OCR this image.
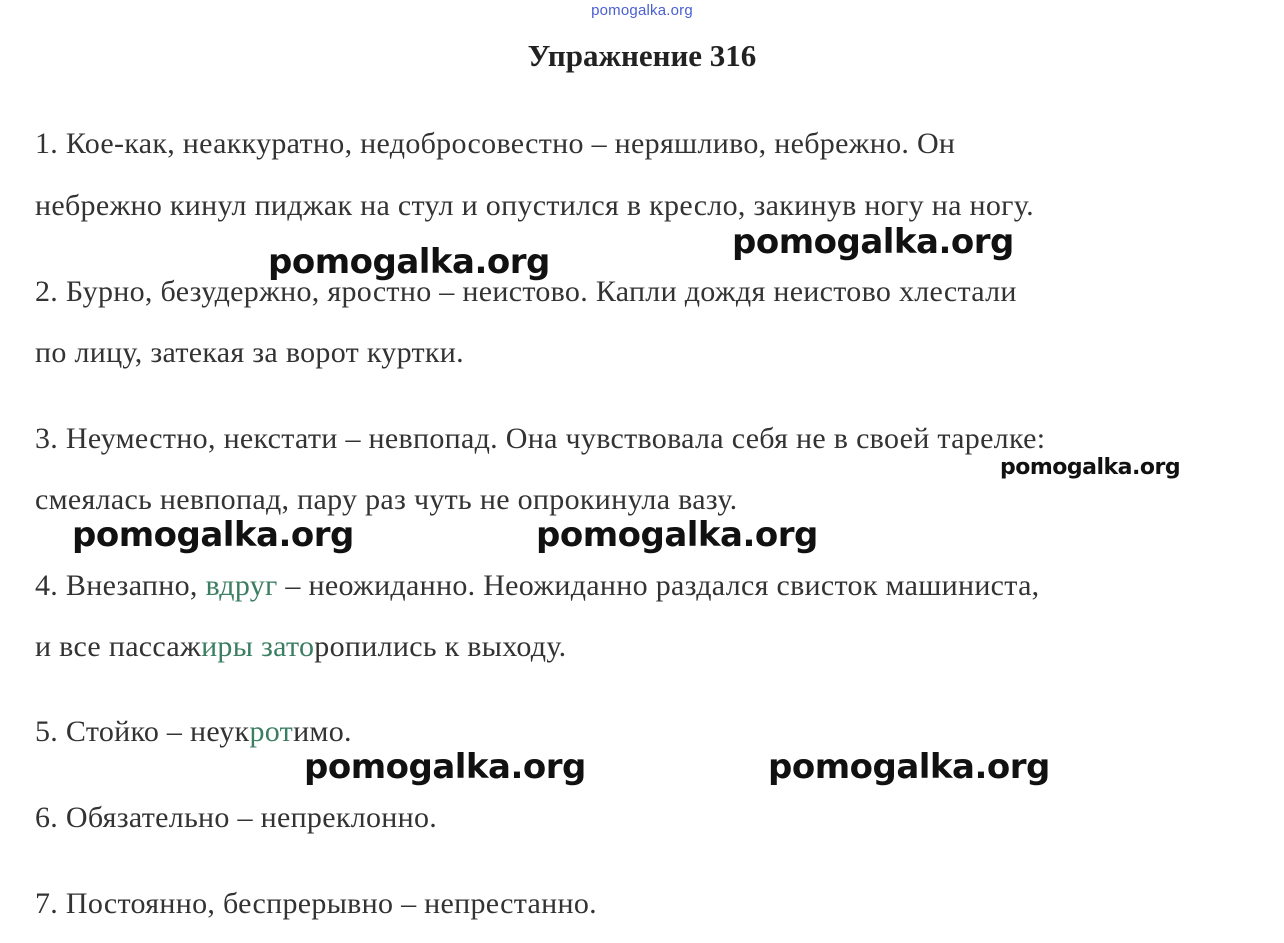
pomogalka.org
Упражнение 316
1. Кое-как, неаккуратно, недобросовестно – неряшливо, небрежно. Он
небрежно кинул пиджак на стул и опустился в кресло, закинув ногу на ногу.
2. Бурно, безудержно, яростно – неистово. Капли дождя неистово хлестали
по лицу, затекая за ворот куртки.
3. Неуместно, некстати – невпопад. Она чувствовала себя не в своей тарелке:
смеялась невпопад, пару раз чуть не опрокинула вазу.
4. Внезапно, вдруг – неожиданно. Неожиданно раздался свисток машиниста,
и все пассажиры заторопились к выходу.
5. Стойко – неукротимо.
6. Обязательно – непреклонно.
7. Постоянно, беспрерывно – непрестанно.
pomogalka.org	pomogalka.org
pomogalka.org
pomogalka.org	pomogalka.org
pomogalka.org	pomogalka.org
